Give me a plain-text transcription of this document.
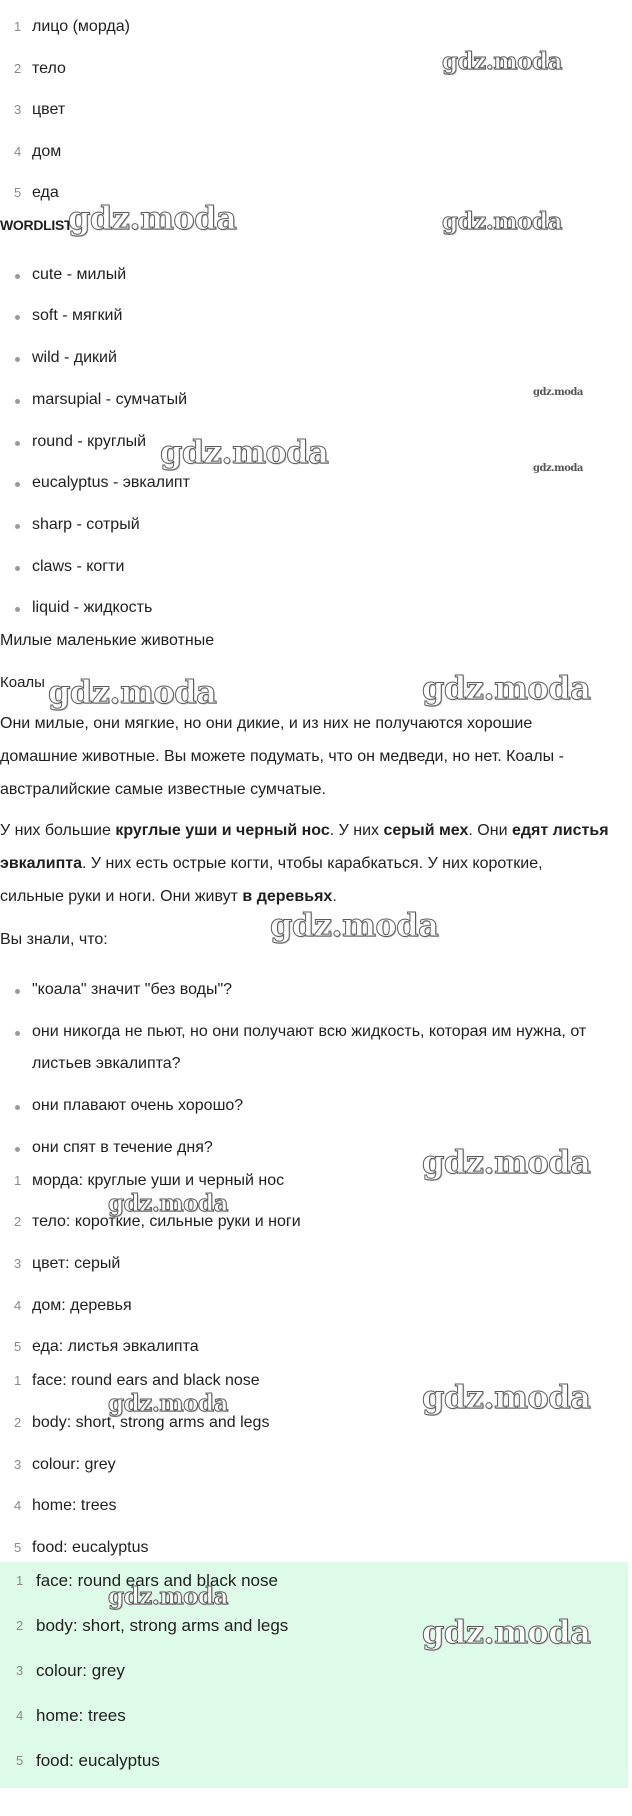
1 лицо (морда)
2 тело
3 цвет
4 дом
5 еда
WORDLIST
cute - милый
soft - мягкий
wild - дикий
marsupial - сумчатый
round - круглый
eucalyptus - эвкалипт
sharp - сотрый
claws - когти
liquid - жидкость
Милые маленькие животные
Коалы
Они милые, они мягкие, но они дикие, и из них не получаются хорошие
домашние животные. Вы можете подумать, что он медведи, но нет. Коалы -
австралийские самые известные сумчатые.
У них большие круглые уши и черный нос. У них серый мех. Они едят листья
эвкалипта. У них есть острые когти, чтобы карабкаться. У них короткие,
сильные руки и ноги. Они живут в деревьях.
Вы знали, что:
"коала" значит "без воды"?
они никогда не пьют, но они получают всю жидкость, которая им нужна, от
листьев эвкалипта?
они плавают очень хорошо?
они спят в течение дня?
1 морда: круглые уши и черный нос
2 тело: короткие, сильные руки и ноги
3 цвет: серый
4 дом: деревья
5 еда: листья эвкалипта
1 face: round ears and black nose
2 body: short, strong arms and legs
3 colour: grey
4 home: trees
5 food: eucalyptus
1 face: round ears and black nose
2 body: short, strong arms and legs
3 colour: grey
4 home: trees
5 food: eucalyptus
gdz.moda
gdz.moda	gdz.moda
gdz.moda
gdz.moda	gdz.moda
gdz.moda	gdz.moda
gdz.moda
gdz.moda
gdz.moda
gdz.moda
gdz.moda
gdz.moda
gdz.moda
